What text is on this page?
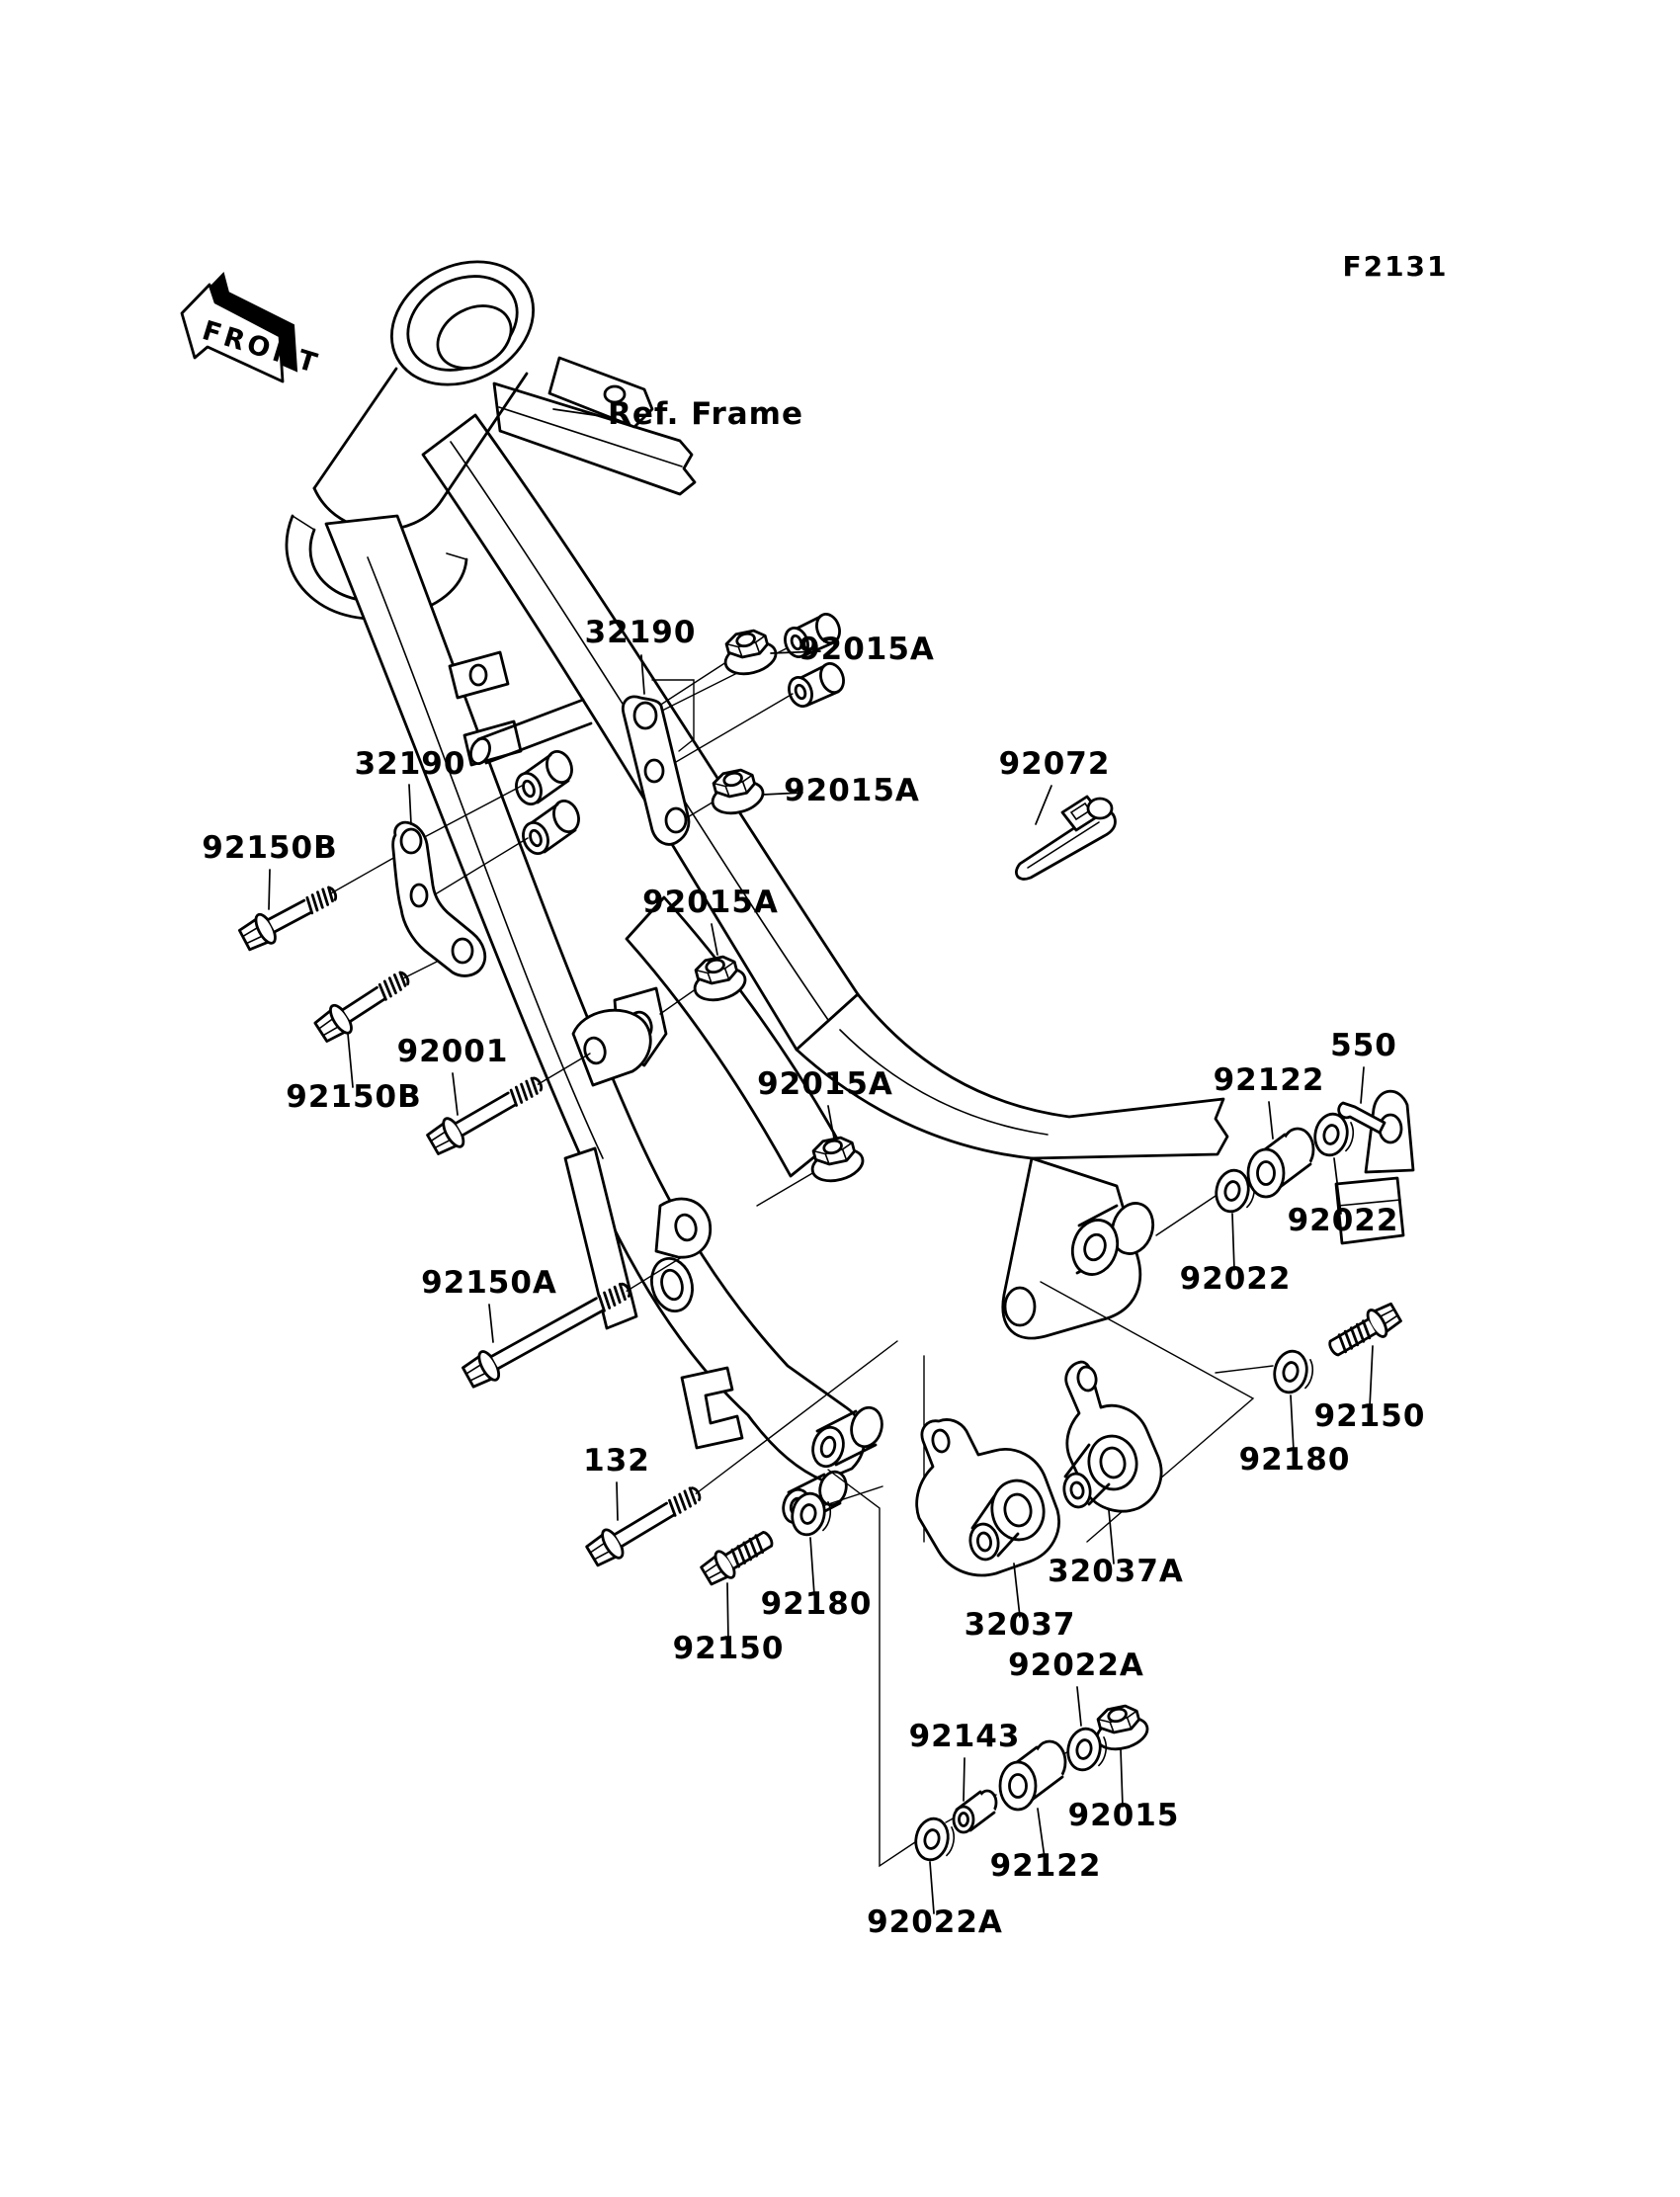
FRONT
F2131
Ref. Frame
32190	92015A
92015A
32190
92150B
92015A
92072
92001
92150B	92015A	92122
550
92022
92022
92150A
92150
92180
132
92180
92150
32037A
32037
92022A
92143
92015
92122
92022A
